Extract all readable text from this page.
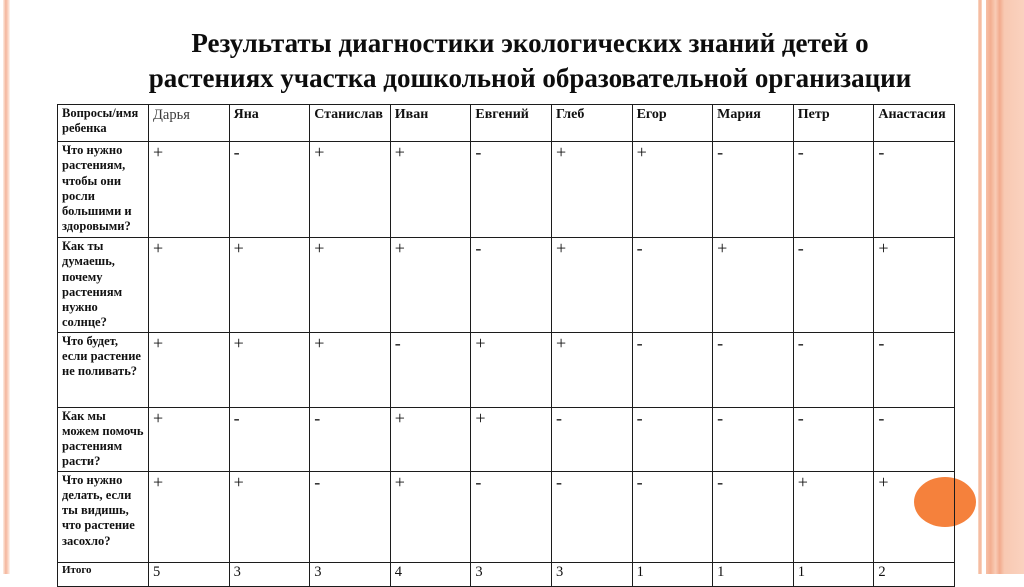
Результаты диагностики экологических знаний детей о
растениях участка дошкольной образовательной организации
Вопросы/имя ребенка	Дарья	Яна	Станислав	Иван	Евгений	Глеб	Егор	Мария	Петр	Анастасия
Что нужно растениям, чтобы они росли большими и здоровыми?	+	-	+	+	-	+	+	-	-	-
Как ты думаешь, почему растениям нужно солнце?	+	+	+	+	-	+	-	+	-	+
Что будет, если растение не поливать?	+	+	+	-	+	+	-	-	-	-
Как мы можем помочь растениям расти?	+	-	-	+	+	-	-	-	-	-
Что нужно делать, если ты видишь, что растение засохло?	+	+	-	+	-	-	-	-	+	+
Итого	5	3	3	4	3	3	1	1	1	2
